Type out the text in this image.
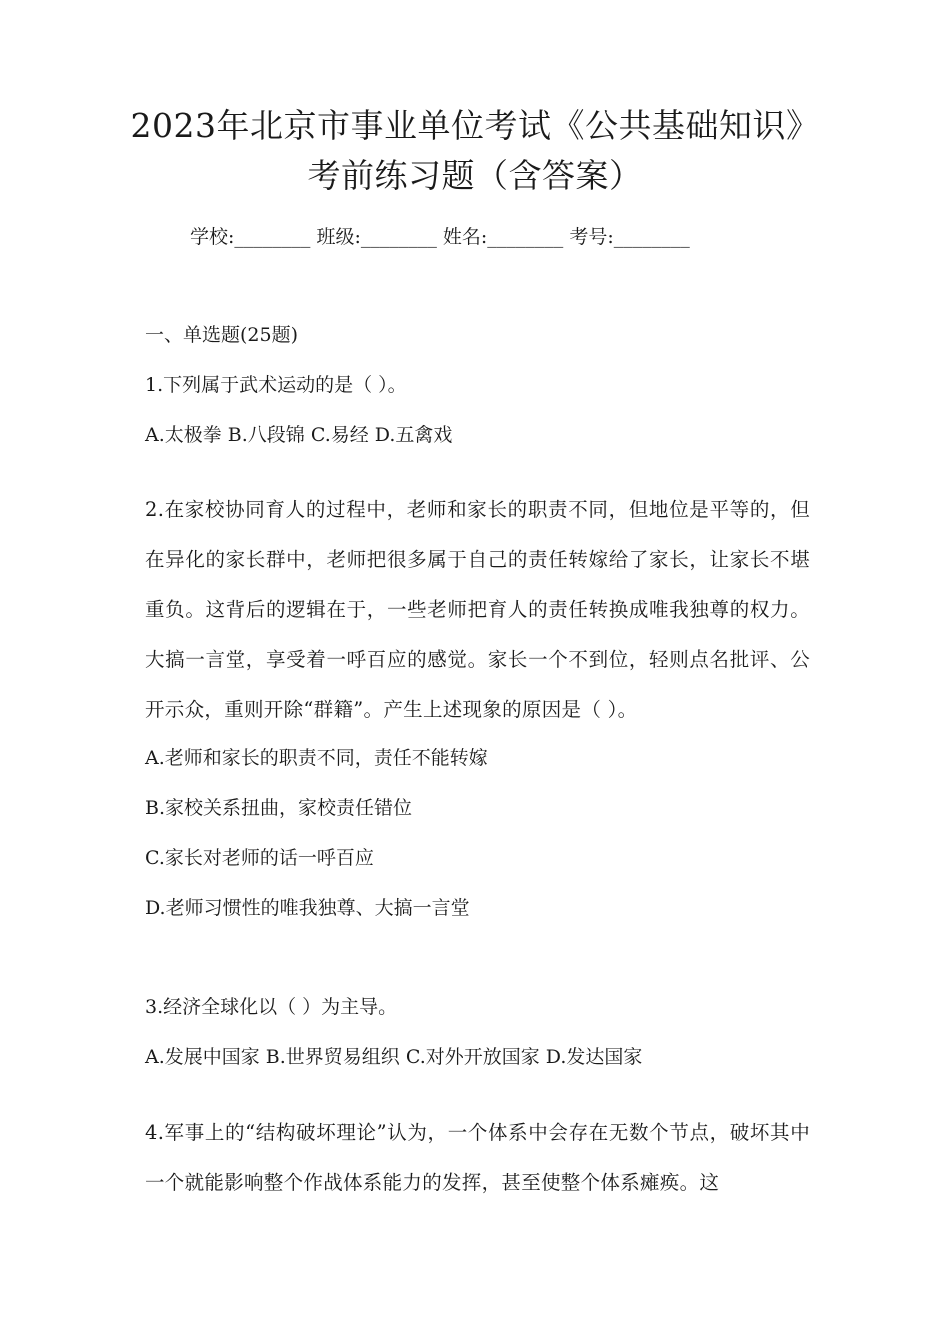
2023年北京市事业单位考试《公共基础知识》
考前练习题（含答案）
学校:________ 班级:________ 姓名:________ 考号:________
一、单选题(25题)
1.下列属于武术运动的是（ ）。
A.太极拳 B.八段锦 C.易经 D.五禽戏
2.在家校协同育人的过程中，老师和家长的职责不同，但地位是平等的，但在异化的家长群中，老师把很多属于自己的责任转嫁给了家长，让家长不堪重负。这背后的逻辑在于，一些老师把育人的责任转换成唯我独尊的权力。大搞一言堂，享受着一呼百应的感觉。家长一个不到位，轻则点名批评、公开示众，重则开除“群籍”。产生上述现象的原因是（ ）。
A.老师和家长的职责不同，责任不能转嫁
B.家校关系扭曲，家校责任错位
C.家长对老师的话一呼百应
D.老师习惯性的唯我独尊、大搞一言堂
3.经济全球化以（ ）为主导。
A.发展中国家 B.世界贸易组织 C.对外开放国家 D.发达国家
4.军事上的“结构破坏理论”认为，一个体系中会存在无数个节点，破坏其中一个就能影响整个作战体系能力的发挥，甚至使整个体系瘫痪。这
